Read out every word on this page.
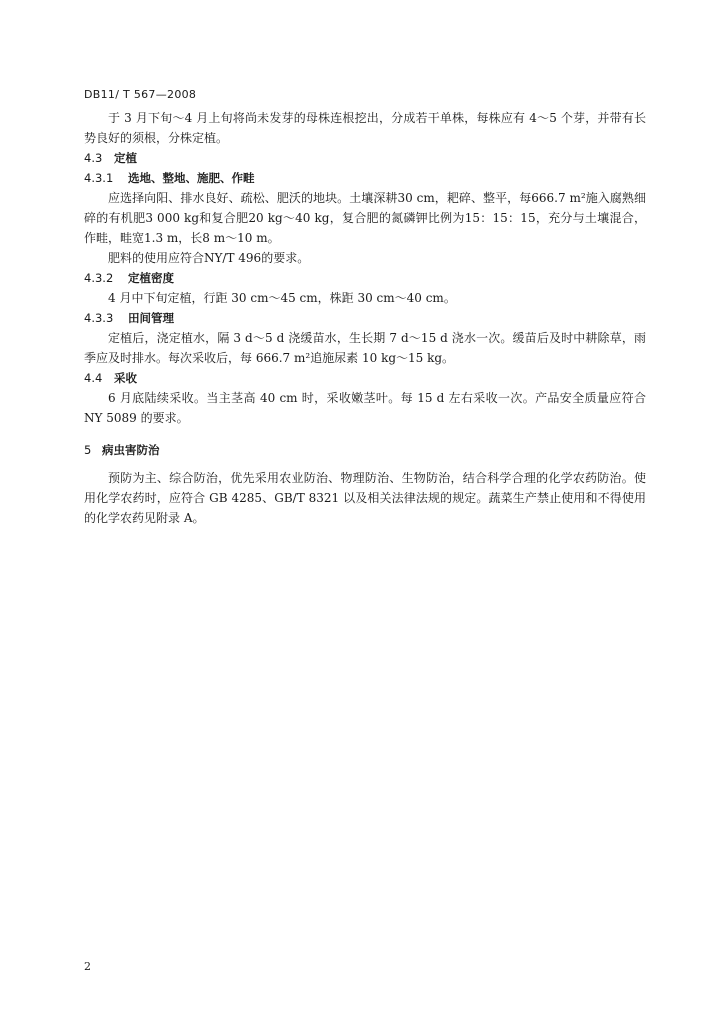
DB11/ T 567—2008

于 3 月下旬～4 月上旬将尚未发芽的母株连根挖出，分成若干单株，每株应有 4～5 个芽，并带有长势良好的须根，分株定植。

4.3 定植

4.3.1 选地、整地、施肥、作畦

应选择向阳、排水良好、疏松、肥沃的地块。土壤深耕30 cm，耙碎、整平，每666.7 m²施入腐熟细碎的有机肥3 000 kg和复合肥20 kg～40 kg，复合肥的氮磷钾比例为15：15：15，充分与土壤混合，作畦，畦宽1.3 m，长8 m～10 m。

肥料的使用应符合NY/T 496的要求。

4.3.2 定植密度

4 月中下旬定植，行距 30 cm～45 cm，株距 30 cm～40 cm。

4.3.3 田间管理

定植后，浇定植水，隔 3 d～5 d 浇缓苗水，生长期 7 d～15 d 浇水一次。缓苗后及时中耕除草，雨季应及时排水。每次采收后，每 666.7 m²追施尿素 10 kg～15 kg。

4.4 采收

6 月底陆续采收。当主茎高 40 cm 时，采收嫩茎叶。每 15 d 左右采收一次。产品安全质量应符合 NY 5089 的要求。

5 病虫害防治

预防为主、综合防治，优先采用农业防治、物理防治、生物防治，结合科学合理的化学农药防治。使用化学农药时，应符合 GB 4285、GB/T 8321 以及相关法律法规的规定。蔬菜生产禁止使用和不得使用的化学农药见附录 A。

2
